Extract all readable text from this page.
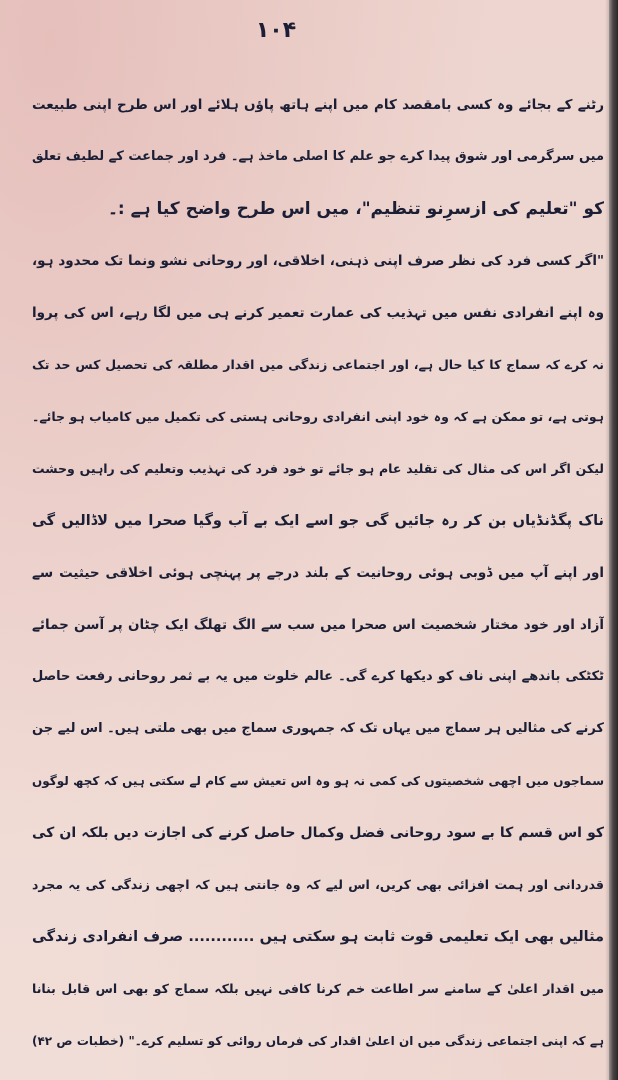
۱۰۴
رٹنے کے بجائے وہ کسی بامقصد کام میں اپنے ہاتھ پاؤں ہلائے اور اس طرح اپنی طبیعت
میں سرگرمی اور شوق پیدا کرے جو علم کا اصلی ماخذ ہے۔ فرد اور جماعت کے لطیف تعلق
کو "تعلیم کی ازسرِنو تنظیم"، میں اس طرح واضح کیا ہے :۔
"اگر کسی فرد کی نظر صرف اپنی ذہنی، اخلاقی، اور روحانی نشو ونما تک محدود ہو،
وہ اپنے انفرادی نفس میں تہذیب کی عمارت تعمیر کرنے ہی میں لگا رہے، اس کی پروا
نہ کرے کہ سماج کا کیا حال ہے، اور اجتماعی زندگی میں اقدار مطلقہ کی تحصیل کس حد تک
ہوتی ہے، تو ممکن ہے کہ وہ خود اپنی انفرادی روحانی ہستی کی تکمیل میں کامیاب ہو جائے۔
لیکن اگر اس کی مثال کی تقلید عام ہو جائے تو خود فرد کی تہذیب وتعلیم کی راہیں وحشت
ناک پگڈنڈیاں بن کر رہ جائیں گی جو اسے ایک بے آب وگیا صحرا میں لاڈالیں گی
اور اپنے آپ میں ڈوبی ہوئی روحانیت کے بلند درجے پر پہنچی ہوئی اخلاقی حیثیت سے
آزاد اور خود مختار شخصیت اس صحرا میں سب سے الگ تھلگ ایک چٹان پر آسن جمائے
ٹکٹکی باندھے اپنی ناف کو دیکھا کرے گی۔ عالم خلوت میں یہ بے ثمر روحانی رفعت حاصل
کرنے کی مثالیں ہر سماج میں یہاں تک کہ جمہوری سماج میں بھی ملتی ہیں۔ اس لیے جن
سماجوں میں اچھی شخصیتوں کی کمی نہ ہو وہ اس تعیش سے کام لے سکتی ہیں کہ کچھ لوگوں
کو اس قسم کا بے سود روحانی فضل وکمال حاصل کرنے کی اجازت دیں بلکہ ان کی
قدردانی اور ہمت افزائی بھی کریں، اس لیے کہ وہ جانتی ہیں کہ اچھی زندگی کی یہ مجرد
مثالیں بھی ایک تعلیمی قوت ثابت ہو سکتی ہیں ............ صرف انفرادی زندگی
میں اقدار اعلیٰ کے سامنے سر اطاعت خم کرنا کافی نہیں بلکہ سماج کو بھی اس قابل بنانا
ہے کہ اپنی اجتماعی زندگی میں ان اعلیٰ اقدار کی فرماں روائی کو تسلیم کرے۔" (خطبات ص ۴۲)
